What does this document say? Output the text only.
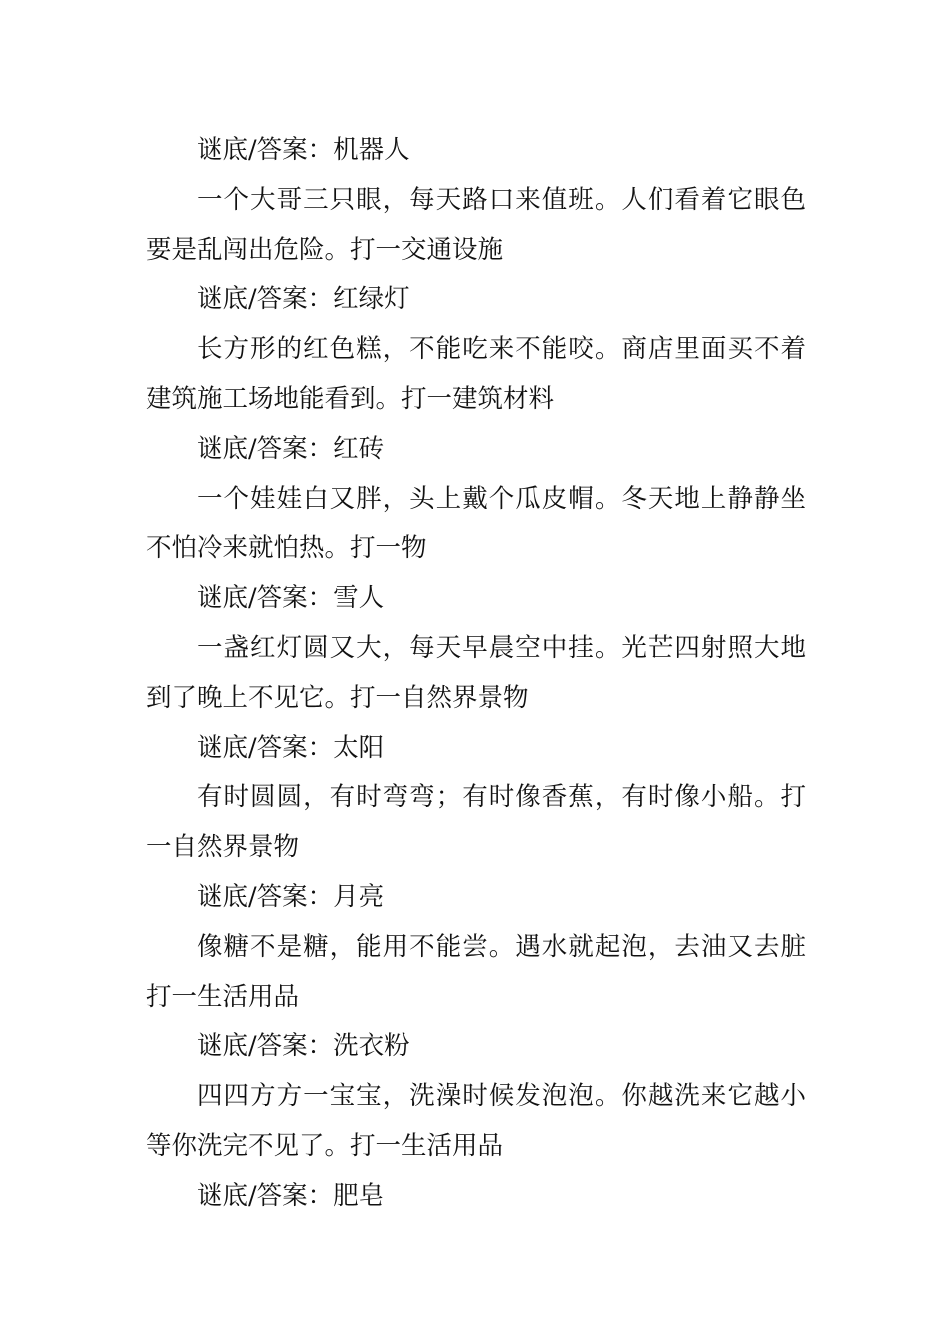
谜底/答案：机器人

一个大哥三只眼，每天路口来值班。人们看着它眼色要是乱闯出危险。打一交通设施

谜底/答案：红绿灯

长方形的红色糕，不能吃来不能咬。商店里面买不着建筑施工场地能看到。打一建筑材料

谜底/答案：红砖

一个娃娃白又胖，头上戴个瓜皮帽。冬天地上静静坐不怕冷来就怕热。打一物

谜底/答案：雪人

一盏红灯圆又大，每天早晨空中挂。光芒四射照大地到了晚上不见它。打一自然界景物

谜底/答案：太阳

有时圆圆，有时弯弯；有时像香蕉，有时像小船。打一自然界景物

谜底/答案：月亮

像糖不是糖，能用不能尝。遇水就起泡，去油又去脏打一生活用品

谜底/答案：洗衣粉

四四方方一宝宝，洗澡时候发泡泡。你越洗来它越小等你洗完不见了。打一生活用品

谜底/答案：肥皂
